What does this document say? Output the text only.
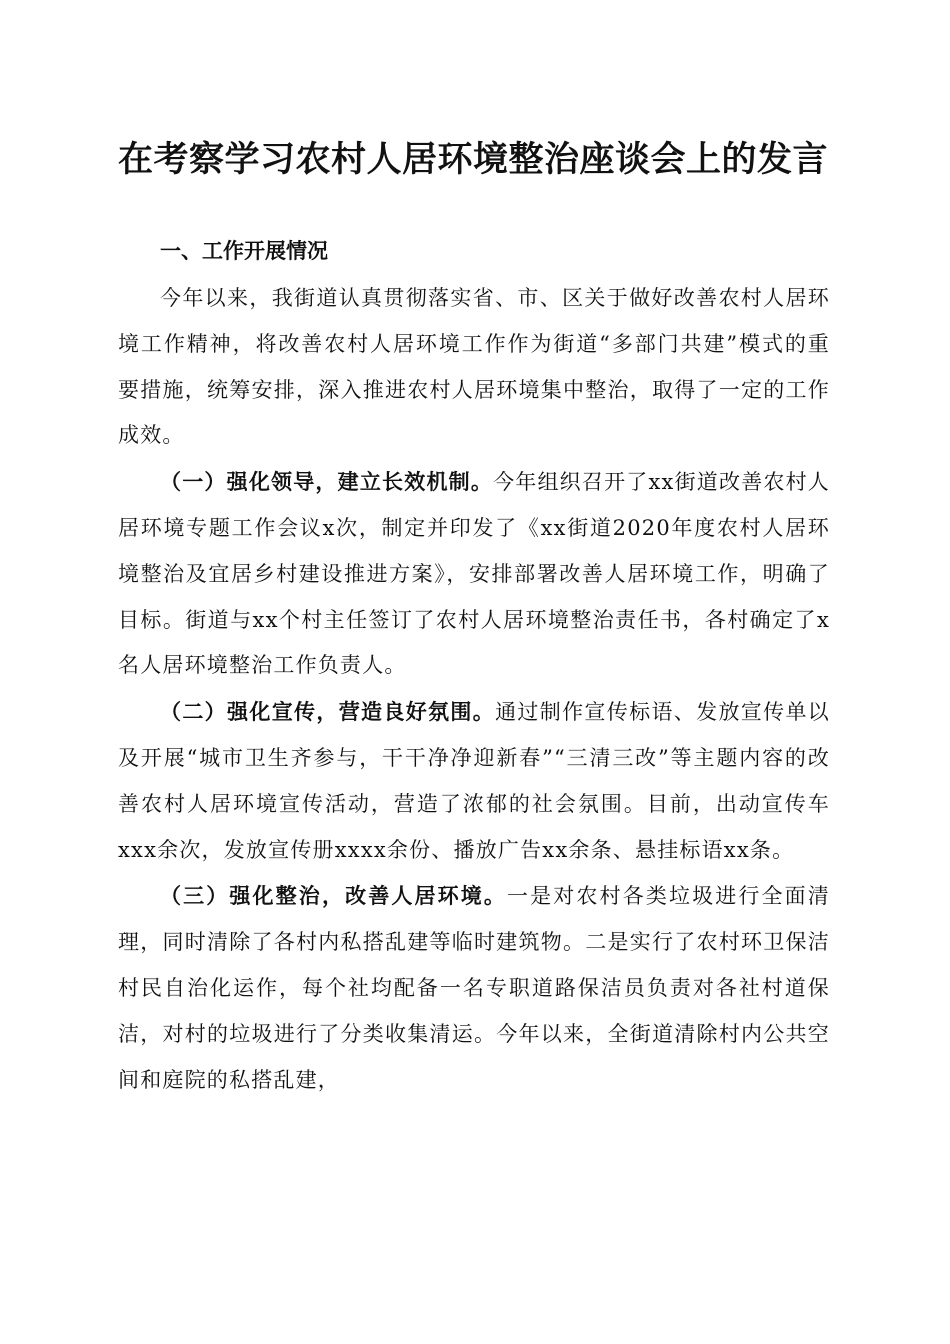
在考察学习农村人居环境整治座谈会上的发言
一、工作开展情况

今年以来，我街道认真贯彻落实省、市、区关于做好改善农村人居环境工作精神，将改善农村人居环境工作作为街道“多部门共建”模式的重要措施，统筹安排，深入推进农村人居环境集中整治，取得了一定的工作成效。

（一）强化领导，建立长效机制。今年组织召开了xx街道改善农村人居环境专题工作会议x次，制定并印发了《xx街道2020年度农村人居环境整治及宜居乡村建设推进方案》，安排部署改善人居环境工作，明确了目标。街道与xx个村主任签订了农村人居环境整治责任书，各村确定了x名人居环境整治工作负责人。

（二）强化宣传，营造良好氛围。通过制作宣传标语、发放宣传单以及开展“城市卫生齐参与，干干净净迎新春”“三清三改”等主题内容的改善农村人居环境宣传活动，营造了浓郁的社会氛围。目前，出动宣传车xxx余次，发放宣传册xxxx余份、播放广告xx余条、悬挂标语xx条。

（三）强化整治，改善人居环境。一是对农村各类垃圾进行全面清理，同时清除了各村内私搭乱建等临时建筑物。二是实行了农村环卫保洁村民自治化运作，每个社均配备一名专职道路保洁员负责对各社村道保洁，对村的垃圾进行了分类收集清运。今年以来，全街道清除村内公共空间和庭院的私搭乱建，
